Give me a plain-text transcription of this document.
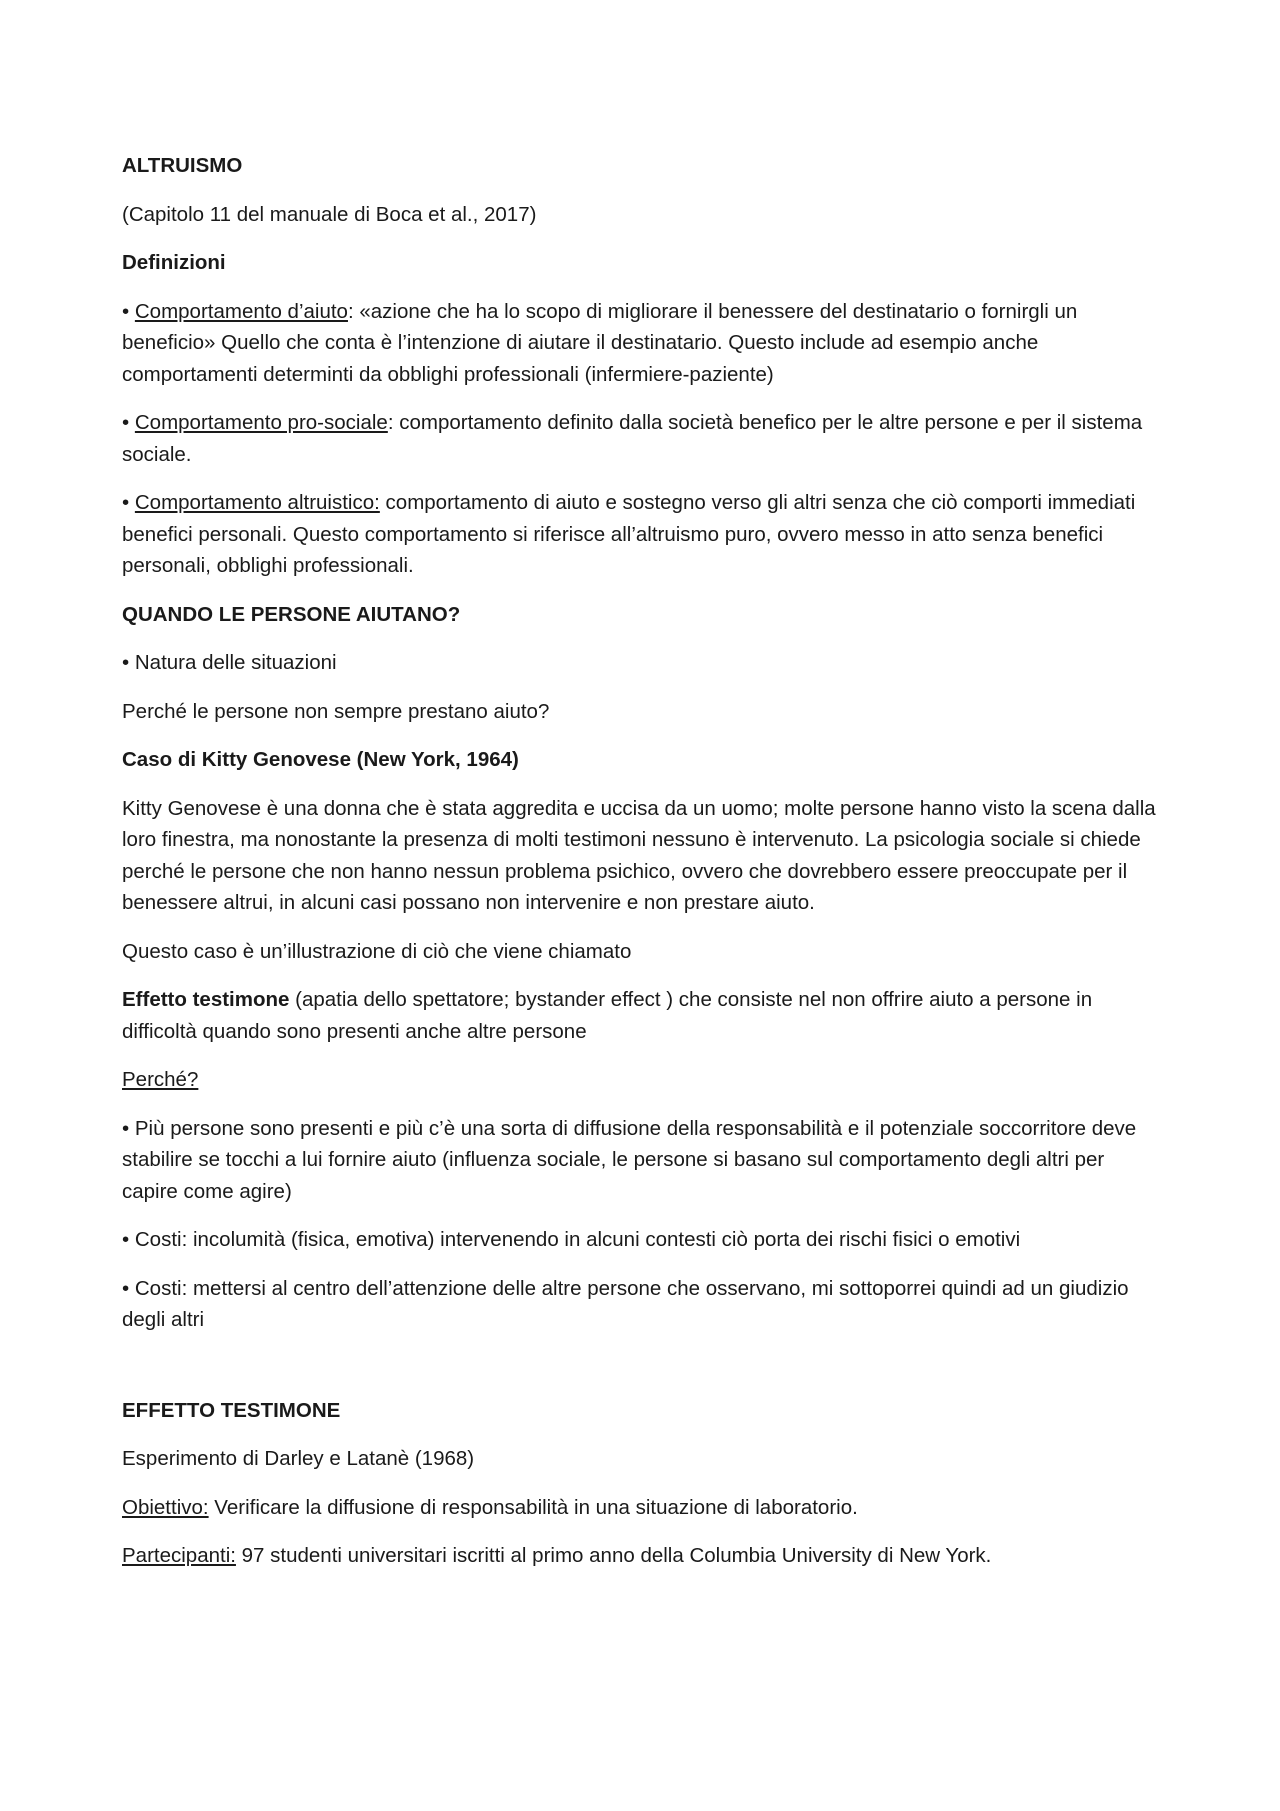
ALTRUISMO

(Capitolo 11 del manuale di Boca et al., 2017)

Definizioni

• Comportamento d’aiuto: «azione che ha lo scopo di migliorare il benessere del destinatario o fornirgli un beneficio» Quello che conta è l’intenzione di aiutare il destinatario. Questo include ad esempio anche comportamenti determinti da obblighi professionali (infermiere-paziente)

• Comportamento pro-sociale: comportamento definito dalla società benefico per le altre persone e per il sistema sociale.

• Comportamento altruistico: comportamento di aiuto e sostegno verso gli altri senza che ciò comporti immediati benefici personali. Questo comportamento si riferisce all’altruismo puro, ovvero messo in atto senza benefici personali, obblighi professionali.

QUANDO LE PERSONE AIUTANO?

• Natura delle situazioni

Perché le persone non sempre prestano aiuto?

Caso di Kitty Genovese (New York, 1964)

Kitty Genovese è una donna che è stata aggredita e uccisa da un uomo; molte persone hanno visto la scena dalla loro finestra, ma nonostante la presenza di molti testimoni nessuno è intervenuto. La psicologia sociale si chiede perché le persone che non hanno nessun problema psichico, ovvero che dovrebbero essere preoccupate per il benessere altrui, in alcuni casi possano non intervenire e non prestare aiuto.

Questo caso è un’illustrazione di ciò che viene chiamato

Effetto testimone (apatia dello spettatore; bystander effect ) che consiste nel non offrire aiuto a persone in difficoltà quando sono presenti anche altre persone

Perché?

• Più persone sono presenti e più c’è una sorta di diffusione della responsabilità e il potenziale soccorritore deve stabilire se tocchi a lui fornire aiuto (influenza sociale, le persone si basano sul comportamento degli altri per capire come agire)

• Costi: incolumità (fisica, emotiva) intervenendo in alcuni contesti ciò porta dei rischi fisici o emotivi

• Costi: mettersi al centro dell’attenzione delle altre persone che osservano, mi sottoporrei quindi ad un giudizio degli altri

EFFETTO TESTIMONE

Esperimento di Darley e Latanè (1968)

Obiettivo: Verificare la diffusione di responsabilità in una situazione di laboratorio.

Partecipanti: 97 studenti universitari iscritti al primo anno della Columbia University di New York.
